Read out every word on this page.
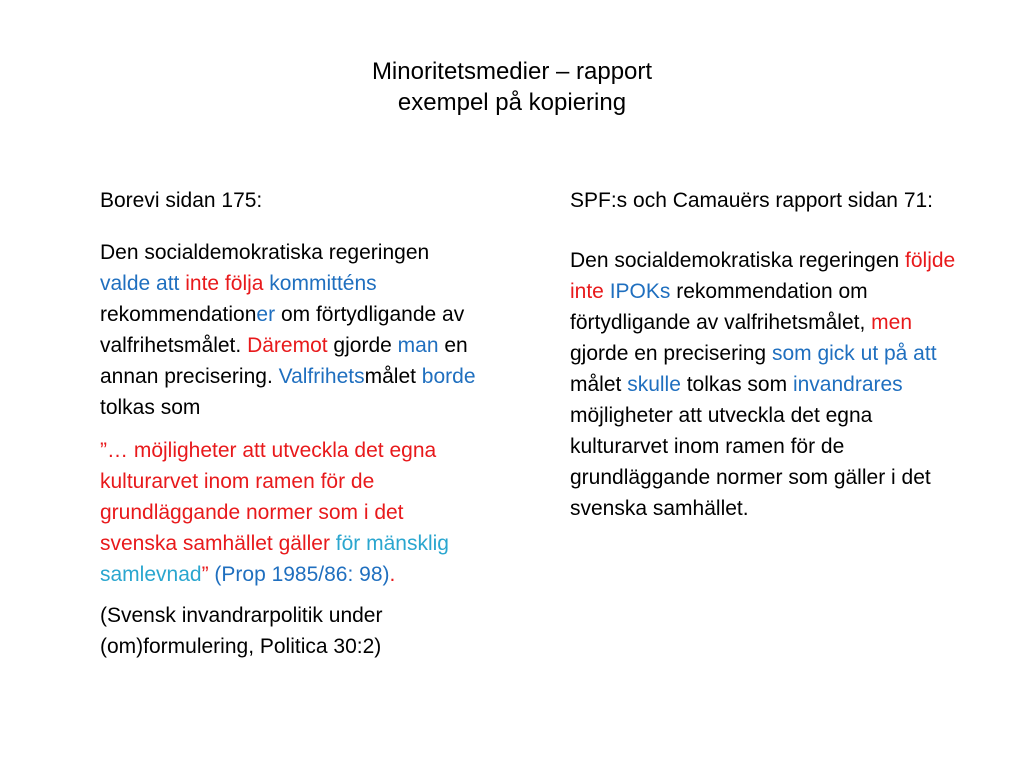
Minoritetsmedier – rapport
exempel på kopiering

Borevi sidan 175:

Den socialdemokratiska regeringen valde att inte följa kommitténs rekommendationer om förtydligande av valfrihetsmålet. Däremot gjorde man en annan precisering. Valfrihetsmålet borde tolkas som

”… möjligheter att utveckla det egna kulturarvet inom ramen för de grundläggande normer som i det svenska samhället gäller för mänsklig samlevnad” (Prop 1985/86: 98).

(Svensk invandrarpolitik under (om)formulering, Politica 30:2)

SPF:s och Camauërs rapport sidan 71:

Den socialdemokratiska regeringen följde inte IPOKs rekommendation om förtydligande av valfrihetsmålet, men gjorde en precisering som gick ut på att målet skulle tolkas som invandrares möjligheter att utveckla det egna kulturarvet inom ramen för de grundläggande normer som gäller i det svenska samhället.
